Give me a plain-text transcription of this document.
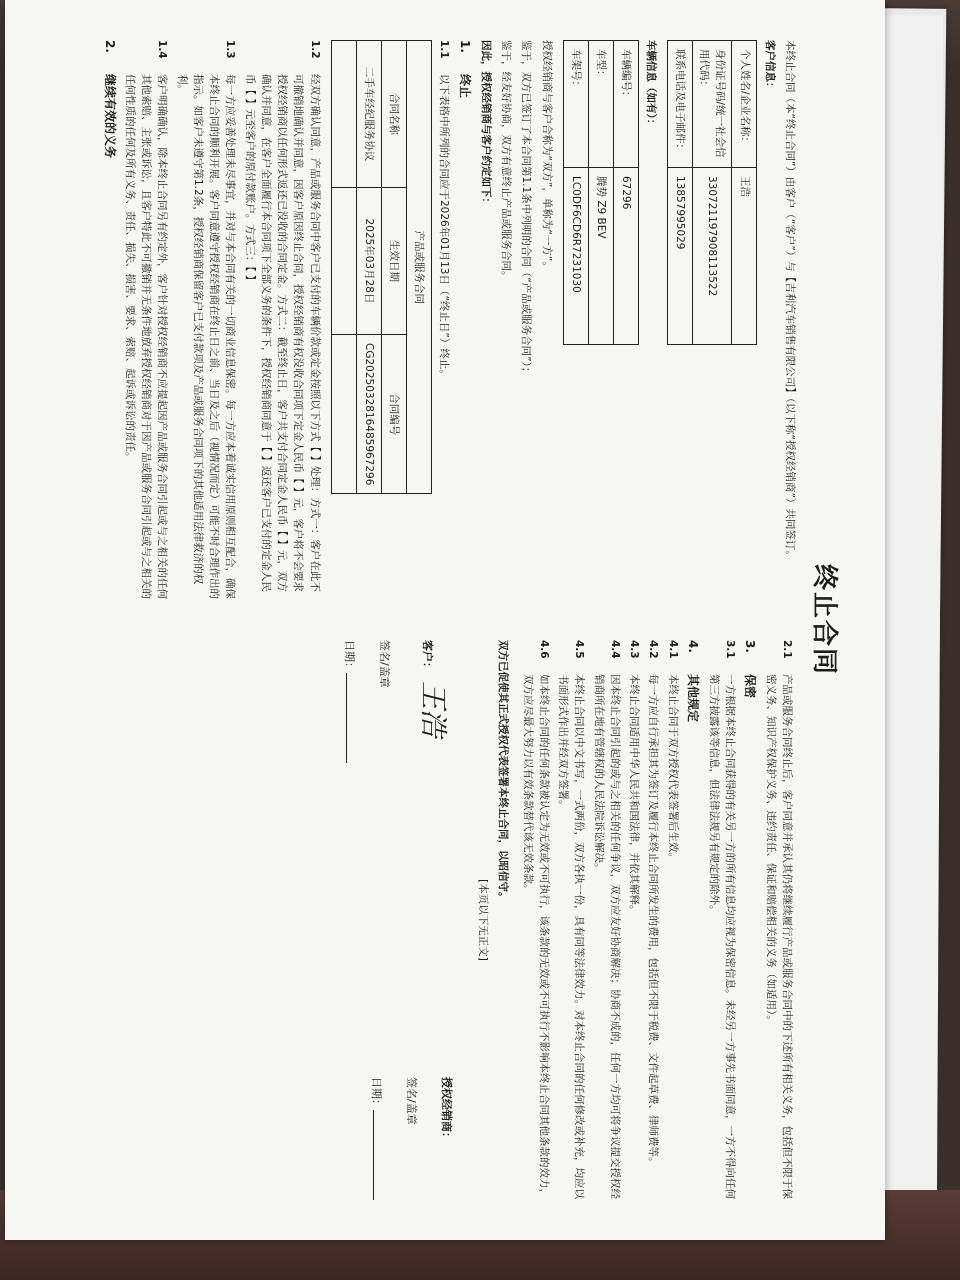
终止合同

本终止合同（本“终止合同”）由客户（“客户”）与【吉利汽车销售有限公司】（以下称“授权经销商”）共同签订。

客户信息：

个人姓名/企业名称：	王浩
身份证号码/统一社会信用代码：	330721197908113522
联系电话及电子邮件：	13857995029

车辆信息（如有）：

车辆编号：	67296
车型：	腾势 Z9 BEV
车架号：	LC0DF6CD6R7231030

授权经销商与客户合称为“双方”，单称为“一方”。

鉴于，双方已签订了本合同第1.1条中列明的合同（“产品或服务合同”）；

鉴于，经友好协商，双方有意终止产品或服务合同。

因此，授权经销商与客户约定如下：

1.
终止
1.1
以下表格中所列的合同应于2026年01月13日（“终止日”）终止。
产品或服务合同		
合同名称	生效日期	合同编号
二手车经纪服务协议	2025年03月28日	CG2025032816485967296

1.2
经双方确认同意，产品或服务合同中客户已支付的车辆价款或定金按照以下方式【 】处理：方式一：客户在此不可撤销地确认并同意，因客户原因终止合同，授权经销商有权没收合同项下定金人民币【 】元，客户将不会要求授权经销商以任何形式返还已没收的合同定金。方式二：截至终止日，客户共支付合同定金人民币【 】元，双方确认并同意，在客户全面履行本合同项下全部义务的条件下，授权经销商同意于【 】返还客户已支付的定金人民币【 】元至客户的原付款账户。方式三：【 】
1.3
每一方应妥善处理未尽事宜，并对与本合同有关的一切商业信息保密。每一方应本着诚实信用原则相互配合，确保本终止合同的顺利开展。客户同意遵守授权经销商在终止日之前、当日及之后（视情况而定）可能不时合理作出的指示。如客户未遵守第1.2条，授权经销商保留客户已支付款项及产品或服务合同项下的其他适用法律救济的权利。
1.4
客户明确确认，除本终止合同另有约定外，客户针对授权经销商不应提起因产品或服务合同引起或与之相关的任何其他索赔、主张或诉讼，且客户特此不可撤销并无条件地放弃授权经销商对于因产品或服务合同引起或与之相关的任何性质的任何及所有义务、责任、损失、损害、要求、索赔、起诉或诉讼的责任。
2.
继续有效的义务
2.1
产品或服务合同终止后，客户同意并承认其仍将继续履行产品或服务合同中的下述所有相关义务，包括但不限于保密义务、知识产权保护义务、违约责任、保证和赔偿相关的义务（如适用）。
3.
保密
3.1
一方根据本终止合同获得的有关另一方的所有信息均应视为保密信息。未经另一方事先书面同意，一方不得向任何第三方披露该等信息，但法律法规另有规定的除外。
4.
其他规定
4.1
本终止合同于双方授权代表签署后生效。
4.2
每一方应自行承担其为签订及履行本终止合同所发生的费用，包括但不限于税费、文件起草费、律师费等。
4.3
本终止合同适用中华人民共和国法律，并依其解释。
4.4
因本终止合同引起的或与之相关的任何争议，双方应友好协商解决；协商不成的，任何一方均可将争议提交授权经销商所在地有管辖权的人民法院诉讼解决。
4.5
本终止合同以中文书写，一式两份，双方各执一份，具有同等法律效力。对本终止合同的任何修改或补充，均应以书面形式作出并经双方签署。
4.6
如本终止合同的任何条款被认定为无效或不可执行，该条款的无效或不可执行不影响本终止合同其他条款的效力，双方应尽最大努力以有效条款替代该无效条款。

双方已促使其正式授权代表签署本终止合同，以昭信守。

[本页以下无正文]

客户：王浩

签名/盖章

日期：

授权经销商：

签名/盖章

日期：
